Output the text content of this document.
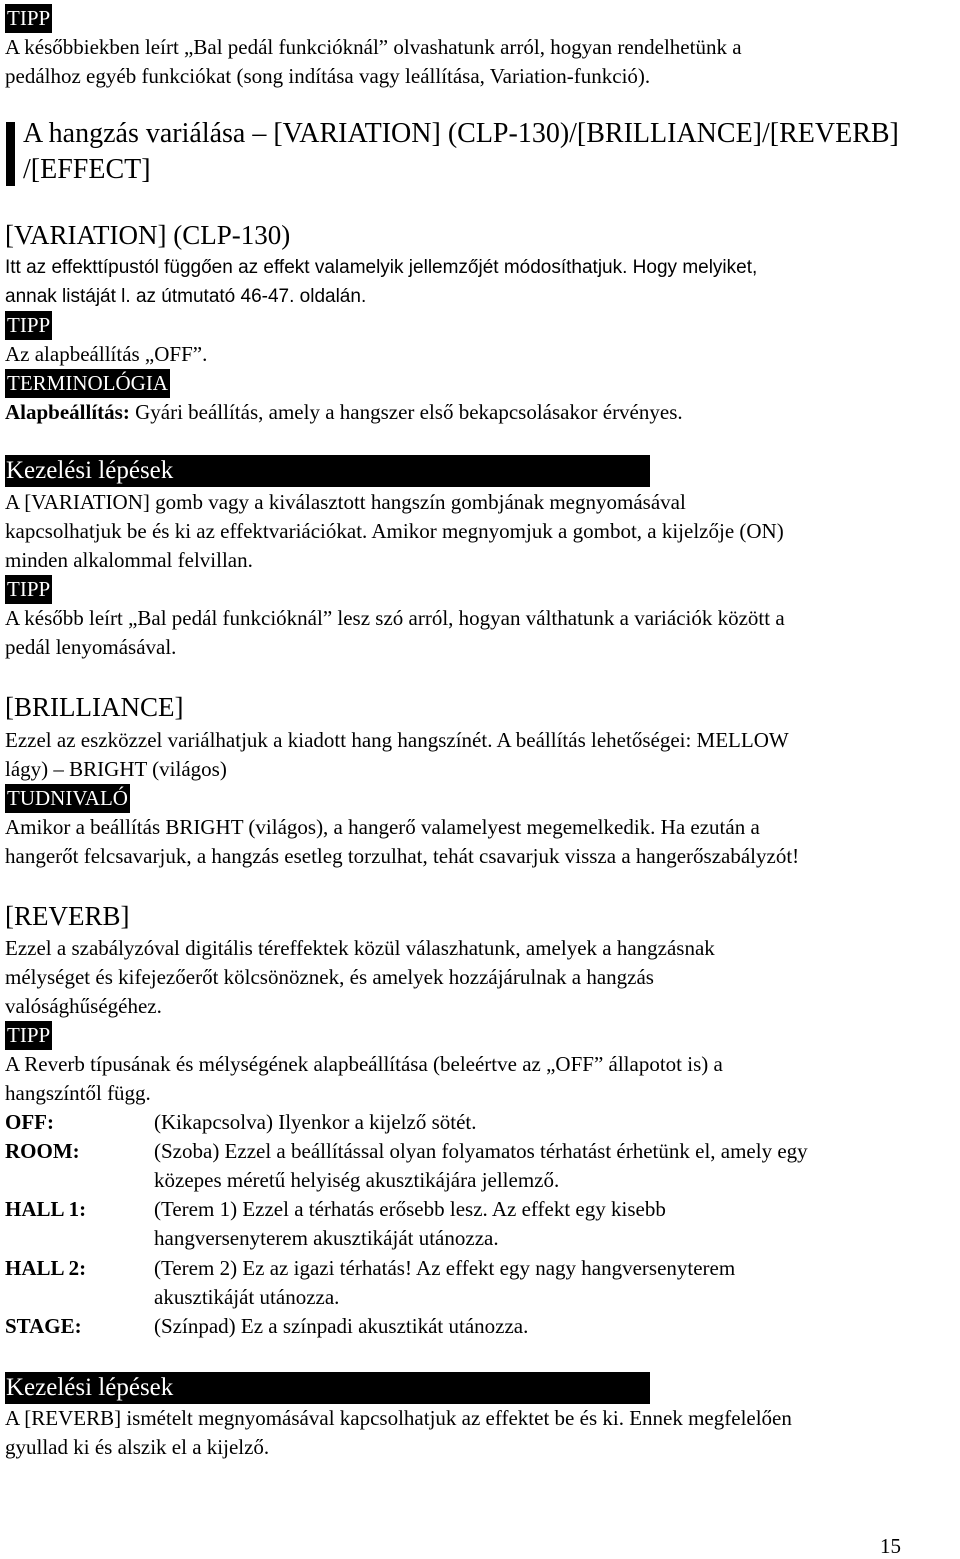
TIPP
A későbbiekben leírt „Bal pedál funkcióknál” olvashatunk arról, hogyan rendelhetünk a
pedálhoz egyéb funkciókat (song indítása vagy leállítása, Variation-funkció).
A hangzás variálása – [VARIATION] (CLP-130)/[BRILLIANCE]/[REVERB]
/[EFFECT]
[VARIATION] (CLP-130)
Itt az effekttípustól függően az effekt valamelyik jellemzőjét módosíthatjuk. Hogy melyiket,
annak listáját l. az útmutató 46-47. oldalán.
TIPP
Az alapbeállítás „OFF”.
TERMINOLÓGIA
Alapbeállítás: Gyári beállítás, amely a hangszer első bekapcsolásakor érvényes.
Kezelési lépések
A [VARIATION] gomb vagy a kiválasztott hangszín gombjának megnyomásával
kapcsolhatjuk be és ki az effektvariációkat. Amikor megnyomjuk a gombot, a kijelzője (ON)
minden alkalommal felvillan.
TIPP
A később leírt „Bal pedál funkcióknál” lesz szó arról, hogyan válthatunk a variációk között a
pedál lenyomásával.
[BRILLIANCE]
Ezzel az eszközzel variálhatjuk a kiadott hang hangszínét. A beállítás lehetőségei: MELLOW
lágy) – BRIGHT (világos)
TUDNIVALÓ
Amikor a beállítás BRIGHT (világos), a hangerő valamelyest megemelkedik. Ha ezután a
hangerőt felcsavarjuk, a hangzás esetleg torzulhat, tehát csavarjuk vissza a hangerőszabályzót!
[REVERB]
Ezzel a szabályzóval digitális téreffektek közül válaszhatunk, amelyek a hangzásnak
mélységet és kifejezőerőt kölcsönöznek, és amelyek hozzájárulnak a hangzás
valósághűségéhez.
TIPP
A Reverb típusának és mélységének alapbeállítása (beleértve az „OFF” állapotot is) a
hangszíntől függ.
OFF:	(Kikapcsolva) Ilyenkor a kijelző sötét.
ROOM:	(Szoba) Ezzel a beállítással olyan folyamatos térhatást érhetünk el, amely egy
közepes méretű helyiség akusztikájára jellemző.
HALL 1:	(Terem 1) Ezzel a térhatás erősebb lesz. Az effekt egy kisebb
hangversenyterem akusztikáját utánozza.
HALL 2:	(Terem 2) Ez az igazi térhatás! Az effekt egy nagy hangversenyterem
akusztikáját utánozza.
STAGE:	(Színpad) Ez a színpadi akusztikát utánozza.
Kezelési lépések
A [REVERB] ismételt megnyomásával kapcsolhatjuk az effektet be és ki. Ennek megfelelően
gyullad ki és alszik el a kijelző.
15
